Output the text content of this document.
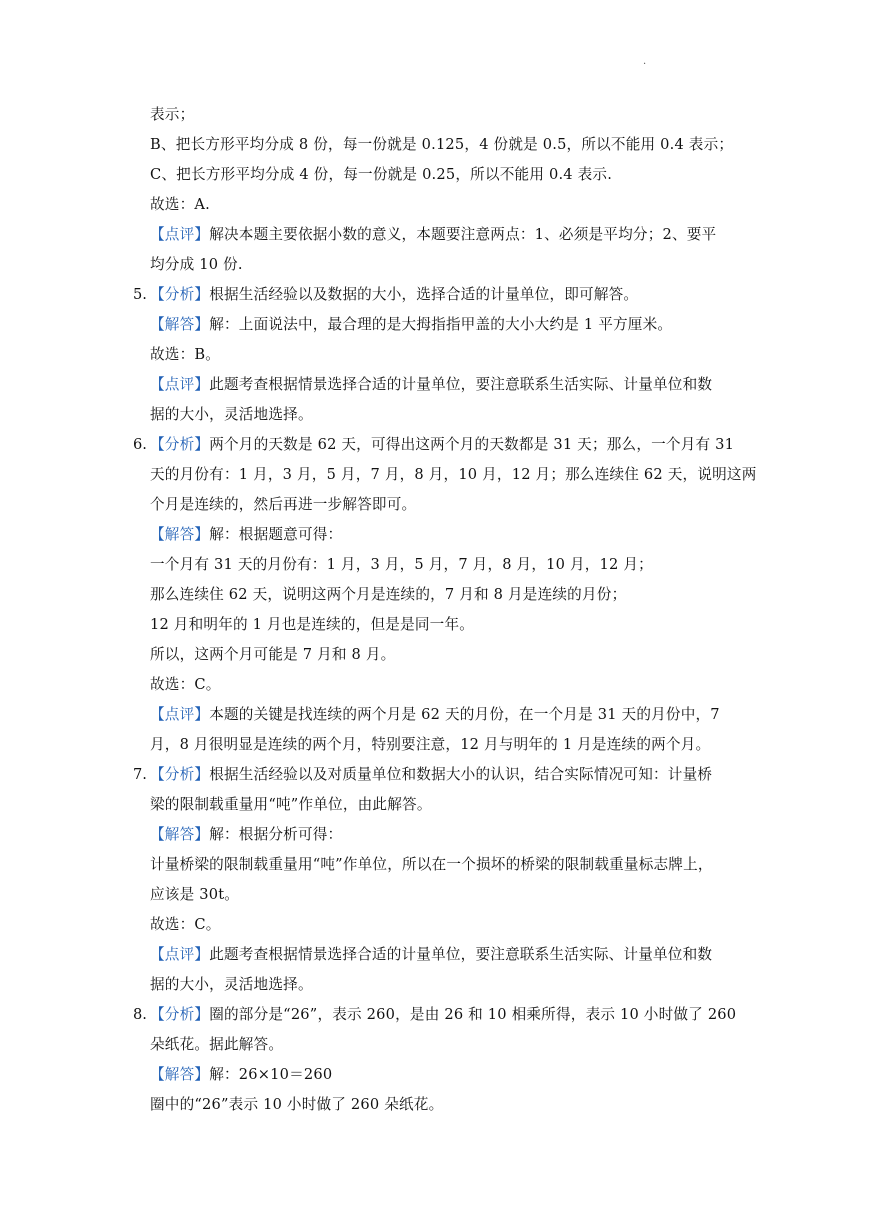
.
表示；
B、把长方形平均分成 8 份，每一份就是 0.125，4 份就是 0.5，所以不能用 0.4 表示；
C、把长方形平均分成 4 份，每一份就是 0.25，所以不能用 0.4 表示.
故选：A.
【点评】解决本题主要依据小数的意义，本题要注意两点：1、必须是平均分；2、要平
均分成 10 份.
5. 【分析】根据生活经验以及数据的大小，选择合适的计量单位，即可解答。
【解答】解：上面说法中，最合理的是大拇指指甲盖的大小大约是 1 平方厘米。
故选：B。
【点评】此题考查根据情景选择合适的计量单位，要注意联系生活实际、计量单位和数
据的大小，灵活地选择。
6. 【分析】两个月的天数是 62 天，可得出这两个月的天数都是 31 天；那么，一个月有 31
天的月份有：1 月，3 月，5 月，7 月，8 月，10 月，12 月；那么连续住 62 天，说明这两
个月是连续的，然后再进一步解答即可。
【解答】解：根据题意可得：
一个月有 31 天的月份有：1 月，3 月，5 月，7 月，8 月，10 月，12 月；
那么连续住 62 天，说明这两个月是连续的，7 月和 8 月是连续的月份；
12 月和明年的 1 月也是连续的，但是是同一年。
所以，这两个月可能是 7 月和 8 月。
故选：C。
【点评】本题的关键是找连续的两个月是 62 天的月份，在一个月是 31 天的月份中，7
月，8 月很明显是连续的两个月，特别要注意，12 月与明年的 1 月是连续的两个月。
7. 【分析】根据生活经验以及对质量单位和数据大小的认识，结合实际情况可知：计量桥
梁的限制载重量用“吨”作单位，由此解答。
【解答】解：根据分析可得：
计量桥梁的限制载重量用“吨”作单位，所以在一个损坏的桥梁的限制载重量标志牌上，
应该是 30t。
故选：C。
【点评】此题考查根据情景选择合适的计量单位，要注意联系生活实际、计量单位和数
据的大小，灵活地选择。
8. 【分析】圈的部分是“26”，表示 260，是由 26 和 10 相乘所得，表示 10 小时做了 260
朵纸花。据此解答。
【解答】解：26×10＝260
圈中的“26”表示 10 小时做了 260 朵纸花。
